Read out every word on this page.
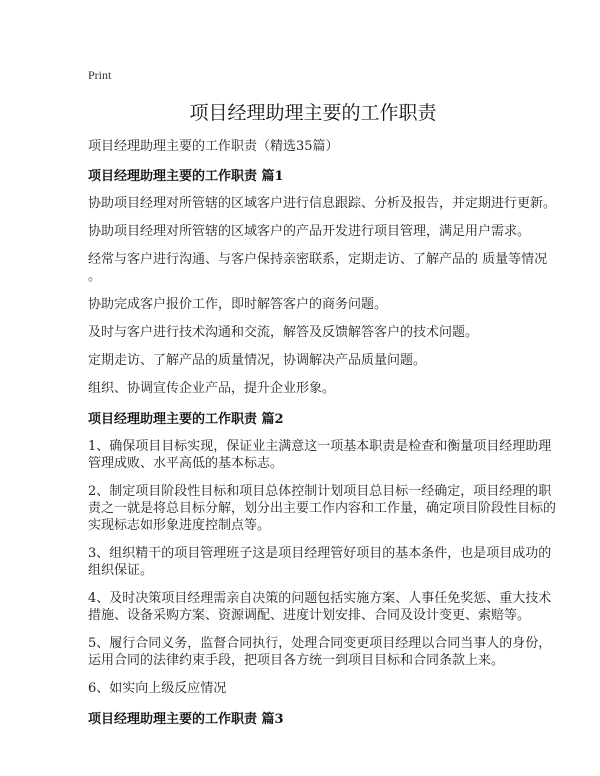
Print
项目经理助理主要的工作职责
项目经理助理主要的工作职责（精选35篇）
项目经理助理主要的工作职责 篇1
协助项目经理对所管辖的区域客户进行信息跟踪、分析及报告，并定期进行更新。
协助项目经理对所管辖的区域客户的产品开发进行项目管理，满足用户需求。
经常与客户进行沟通、与客户保持亲密联系，定期走访、了解产品的 质量等情况
。
协助完成客户报价工作，即时解答客户的商务问题。
及时与客户进行技术沟通和交流，解答及反馈解答客户的技术问题。
定期走访、了解产品的质量情况，协调解决产品质量问题。
组织、协调宣传企业产品，提升企业形象。
项目经理助理主要的工作职责 篇2
1、确保项目目标实现，保证业主满意这一项基本职责是检查和衡量项目经理助理
管理成败、水平高低的基本标志。
2、制定项目阶段性目标和项目总体控制计划项目总目标一经确定，项目经理的职
责之一就是将总目标分解，划分出主要工作内容和工作量，确定项目阶段性目标的
实现标志如形象进度控制点等。
3、组织精干的项目管理班子这是项目经理管好项目的基本条件，也是项目成功的
组织保证。
4、及时决策项目经理需亲自决策的问题包括实施方案、人事任免奖惩、重大技术
措施、设备采购方案、资源调配、进度计划安排、合同及设计变更、索赔等。
5、履行合同义务，监督合同执行，处理合同变更项目经理以合同当事人的身份，
运用合同的法律约束手段，把项目各方统一到项目目标和合同条款上来。
6、如实向上级反应情况
项目经理助理主要的工作职责 篇3
